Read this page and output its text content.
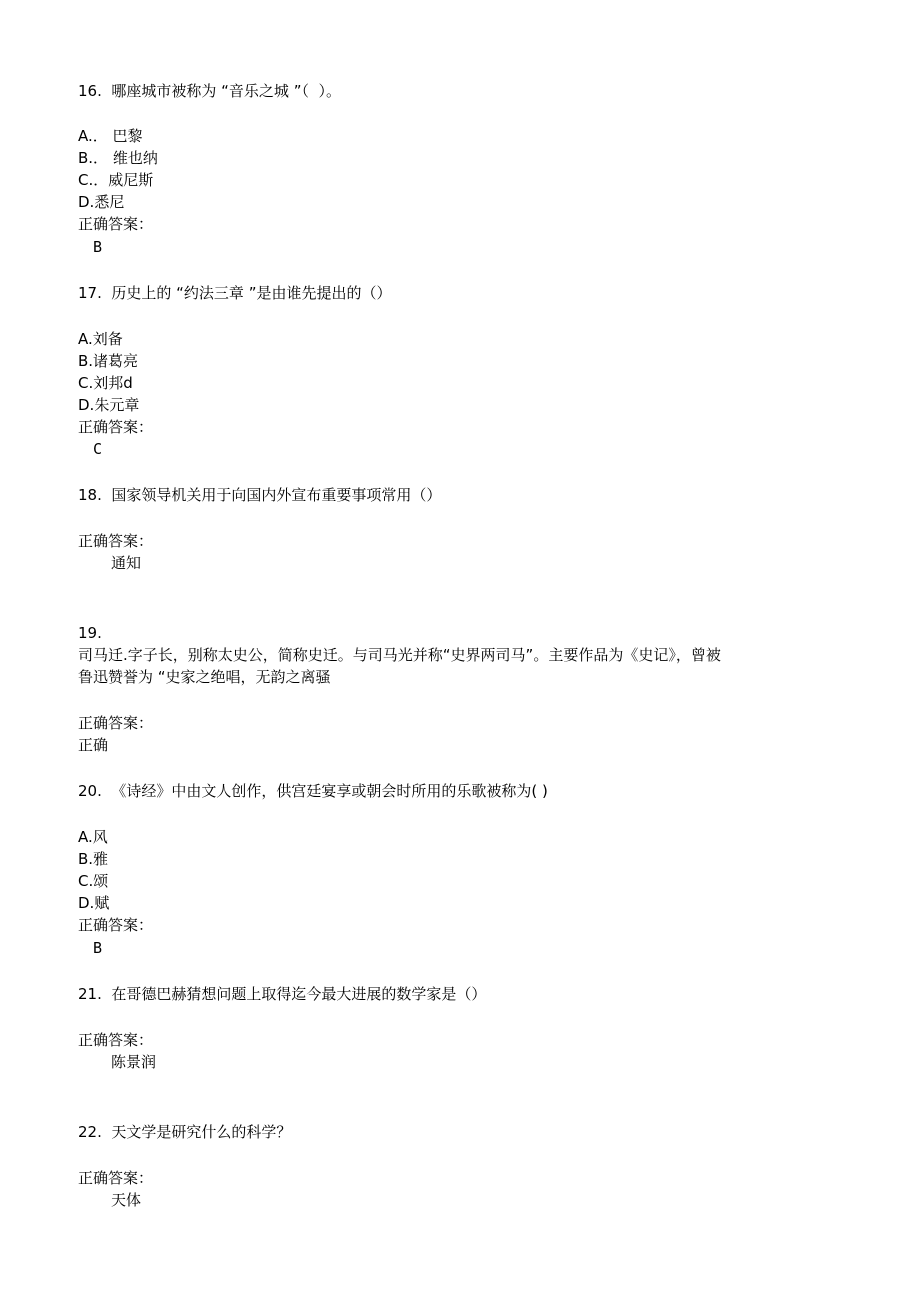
16.  哪座城市被称为 “音乐之城 ”（  ）。
A.． 巴黎
B.． 维也纳
C.．威尼斯
D.悉尼
正确答案：
B
17.  历史上的 “约法三章 ”是由谁先提出的（）
A.刘备
B.诸葛亮
C.刘邦d
D.朱元章
正确答案：
C
18.  国家领导机关用于向国内外宣布重要事项常用（）
正确答案：
通知
19.
司马迁.字子长，别称太史公，简称史迁。与司马光并称“史界两司马”。主要作品为《史记》，曾被
鲁迅赞誉为 “史家之绝唱，无韵之离骚
正确答案：
正确
20.  《诗经》中由文人创作，供宫廷宴享或朝会时所用的乐歌被称为( )
A.风
B.雅
C.颂
D.赋
正确答案：
B
21.  在哥德巴赫猜想问题上取得迄今最大进展的数学家是（）
正确答案：
陈景润
22.  天文学是研究什么的科学？
正确答案：
天体
